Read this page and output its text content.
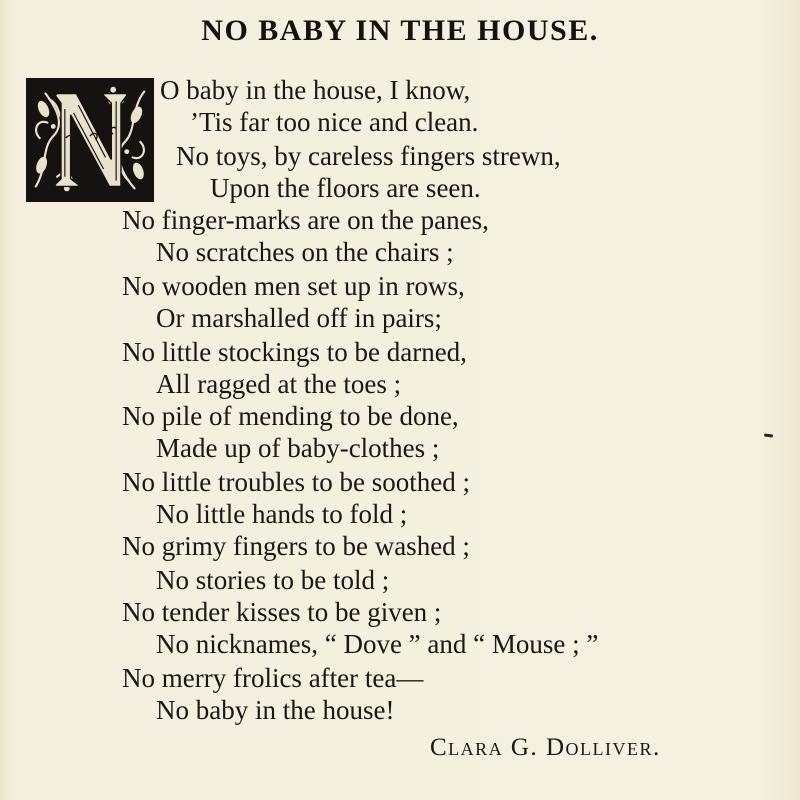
NO BABY IN THE HOUSE.

O baby in the house, I know,

’Tis far too nice and clean.

No toys, by careless fingers strewn,

Upon the floors are seen.

No finger-marks are on the panes,

No scratches on the chairs ;

No wooden men set up in rows,

Or marshalled off in pairs;

No little stockings to be darned,

All ragged at the toes ;

No pile of mending to be done,

Made up of baby-clothes ;

No little troubles to be soothed ;

No little hands to fold ;

No grimy fingers to be washed ;

No stories to be told ;

No tender kisses to be given ;

No nicknames, “ Dove ” and “ Mouse ; ”

No merry frolics after tea—

No baby in the house!

Clara G. Dolliver.
